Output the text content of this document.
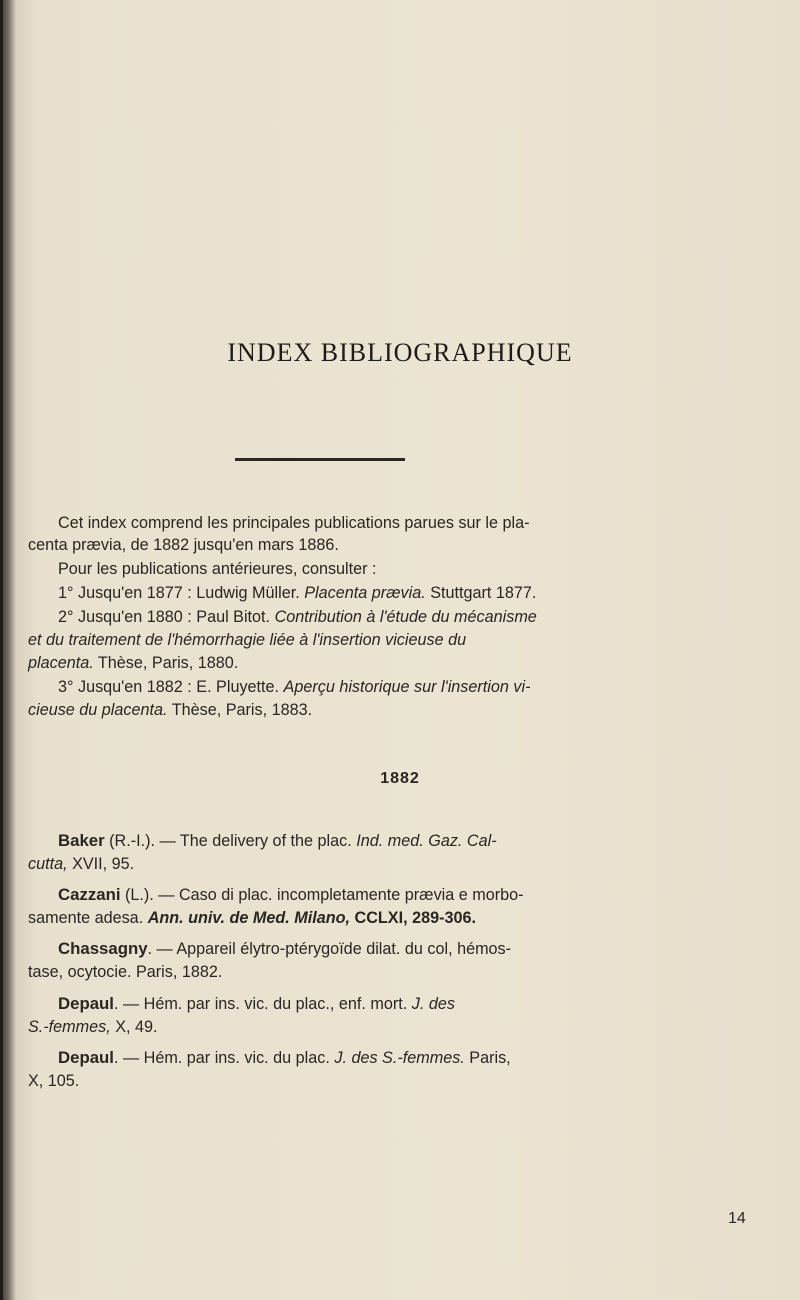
INDEX BIBLIOGRAPHIQUE
Cet index comprend les principales publications parues sur le pla-
centa prævia, de 1882 jusqu'en mars 1886.
Pour les publications antérieures, consulter :
1° Jusqu'en 1877 : Ludwig Müller. Placenta prævia. Stuttgart 1877.
2° Jusqu'en 1880 : Paul Bitot. Contribution à l'étude du mécanisme
et du traitement de l'hémorrhagie liée à l'insertion vicieuse du
placenta. Thèse, Paris, 1880.
3° Jusqu'en 1882 : E. Pluyette. Aperçu historique sur l'insertion vi-
cieuse du placenta. Thèse, Paris, 1883.
1882
Baker (R.-I.). — The delivery of the plac. Ind. med. Gaz. Cal-
cutta, XVII, 95.
Cazzani (L.). — Caso di plac. incompletamente prævia e morbo-
samente adesa. Ann. univ. de Med. Milano, CCLXI, 289-306.
Chassagny. — Appareil élytro-ptérygoïde dilat. du col, hémos-
tase, ocytocie. Paris, 1882.
Depaul. — Hém. par ins. vic. du plac., enf. mort. J. des
S.-femmes, X, 49.
Depaul. — Hém. par ins. vic. du plac. J. des S.-femmes. Paris,
X, 105.
14
